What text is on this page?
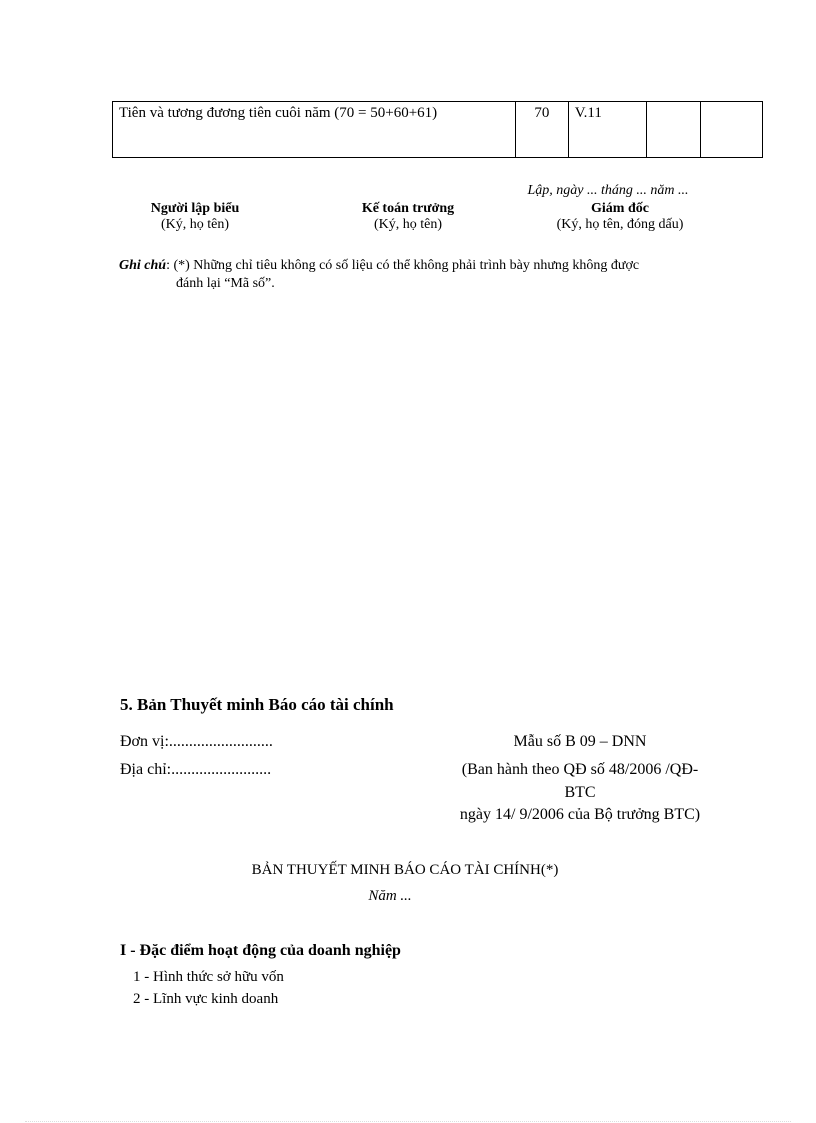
Tiên và tương đương tiên cuôi năm (70 = 50+60+61)	70	V.11		
Lập, ngày ... tháng ... năm ...
Người lập biểu
(Ký, họ tên)
Kế toán trưởng
(Ký, họ tên)
Giám đốc
(Ký, họ tên, đóng dấu)
Ghi chú: (*) Những chỉ tiêu không có số liệu có thể không phải trình bày nhưng không được
đánh lại “Mã số”.
5. Bản Thuyết minh Báo cáo tài chính
Đơn vị:..........................
Địa chỉ:.........................
Mẫu số B 09 – DNN
(Ban hành theo QĐ số 48/2006 /QĐ-
BTC
ngày 14/ 9/2006 của Bộ trưởng BTC)
BẢN THUYẾT MINH BÁO CÁO TÀI CHÍNH(*)
Năm ...
I - Đặc điểm hoạt động của doanh nghiệp
1 - Hình thức sở hữu vốn
2 - Lĩnh vực kinh doanh
